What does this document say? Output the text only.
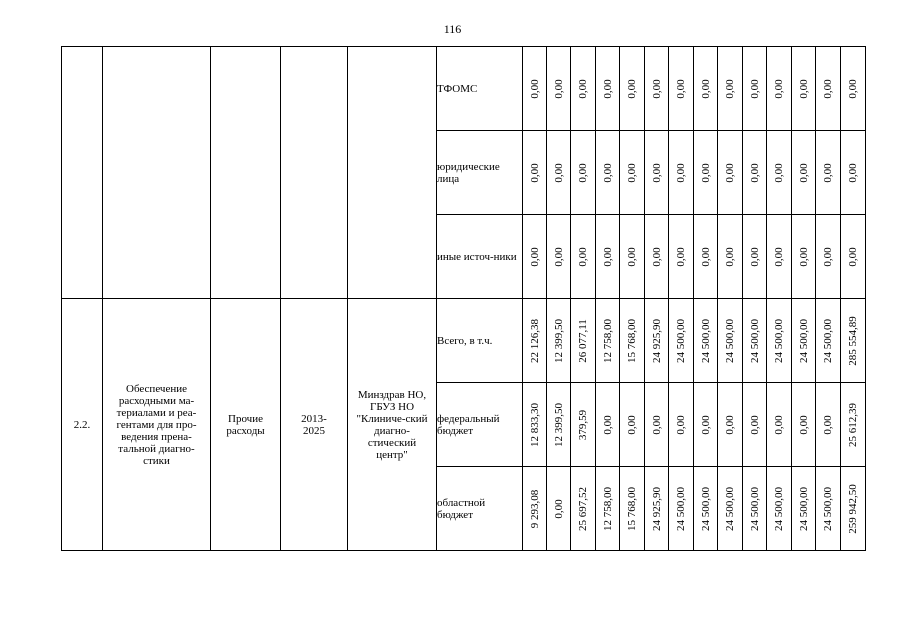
116
					ТФОМС	0,00	0,00	0,00	0,00	0,00	0,00	0,00	0,00	0,00	0,00	0,00	0,00	0,00	0,00

					юридические лица	0,00	0,00	0,00	0,00	0,00	0,00	0,00	0,00	0,00	0,00	0,00	0,00	0,00	0,00

					иные источ-ники	0,00	0,00	0,00	0,00	0,00	0,00	0,00	0,00	0,00	0,00	0,00	0,00	0,00	0,00

2.2.	Обеспечение расходными ма-териалами и реа-гентами для про-ведения пренa-тальной диагно-стики	Прочие расходы	2013-2025	Минздрав НО, ГБУЗ НО "Клиниче-ский диагно-стический центр"	Всего, в т.ч.	22 126,38	12 399,50	26 077,11	12 758,00	15 768,00	24 925,90	24 500,00	24 500,00	24 500,00	24 500,00	24 500,00	24 500,00	24 500,00	285 554,89

					федеральный бюджет	12 833,30	12 399,50	379,59	0,00	0,00	0,00	0,00	0,00	0,00	0,00	0,00	0,00	0,00	25 612,39

					областной бюджет	9 293,08	0,00	25 697,52	12 758,00	15 768,00	24 925,90	24 500,00	24 500,00	24 500,00	24 500,00	24 500,00	24 500,00	24 500,00	259 942,50
